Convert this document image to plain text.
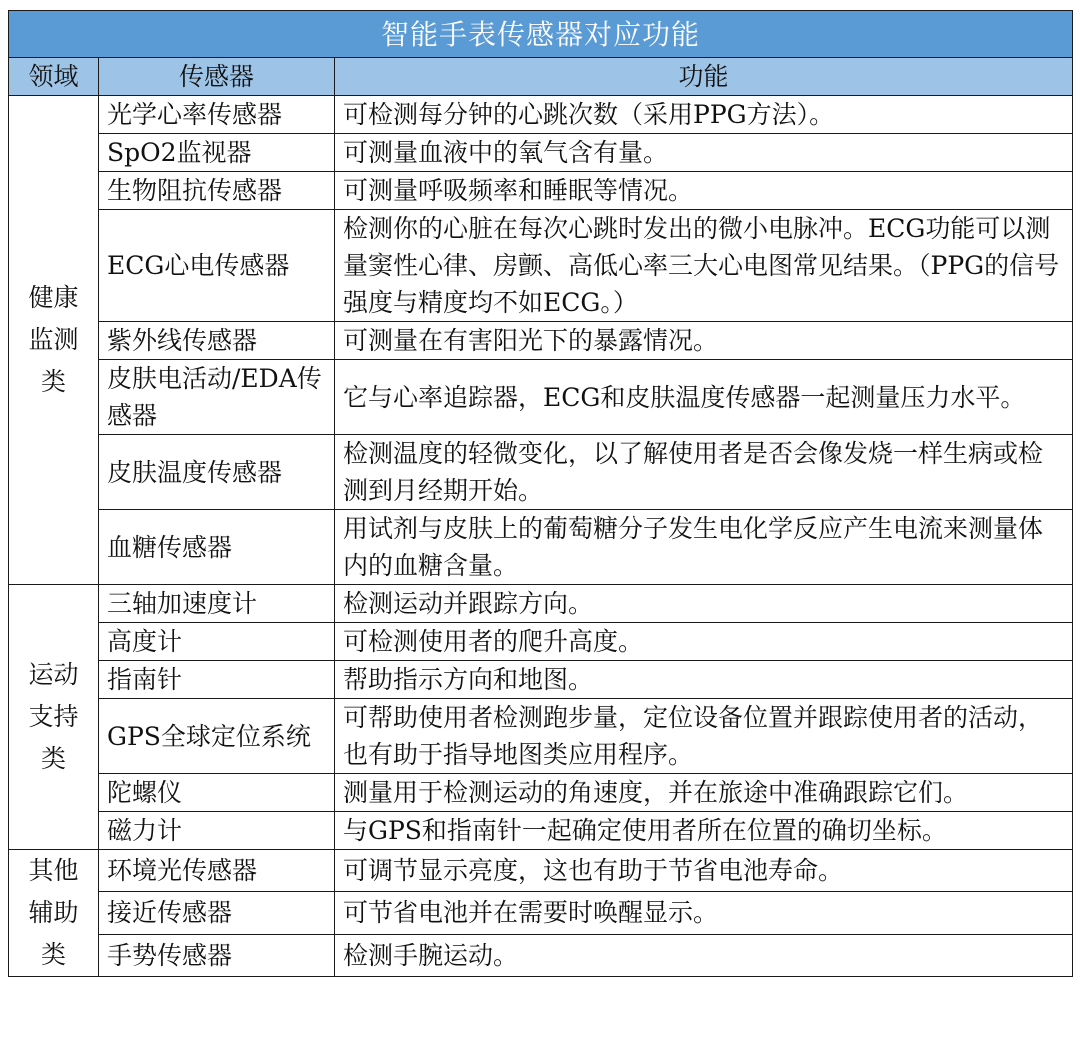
智能手表传感器对应功能		
领域	传感器	功能
健康监测类	光学心率传感器	可检测每分钟的心跳次数（采用PPG方法）。
	SpO2监视器	可测量血液中的氧气含有量。
	生物阻抗传感器	可测量呼吸频率和睡眠等情况。
	ECG心电传感器	检测你的心脏在每次心跳时发出的微小电脉冲。ECG功能可以测量窦性心律、房颤、高低心率三大心电图常见结果。（PPG的信号强度与精度均不如ECG。）
	紫外线传感器	可测量在有害阳光下的暴露情况。
	皮肤电活动/EDA传感器	它与心率追踪器，ECG和皮肤温度传感器一起测量压力水平。
	皮肤温度传感器	检测温度的轻微变化，以了解使用者是否会像发烧一样生病或检测到月经期开始。
	血糖传感器	用试剂与皮肤上的葡萄糖分子发生电化学反应产生电流来测量体内的血糖含量。
运动支持类	三轴加速度计	检测运动并跟踪方向。
	高度计	可检测使用者的爬升高度。
	指南针	帮助指示方向和地图。
	GPS全球定位系统	可帮助使用者检测跑步量，定位设备位置并跟踪使用者的活动，也有助于指导地图类应用程序。
	陀螺仪	测量用于检测运动的角速度，并在旅途中准确跟踪它们。
	磁力计	与GPS和指南针一起确定使用者所在位置的确切坐标。
其他辅助类	环境光传感器	可调节显示亮度，这也有助于节省电池寿命。
	接近传感器	可节省电池并在需要时唤醒显示。
	手势传感器	检测手腕运动。
